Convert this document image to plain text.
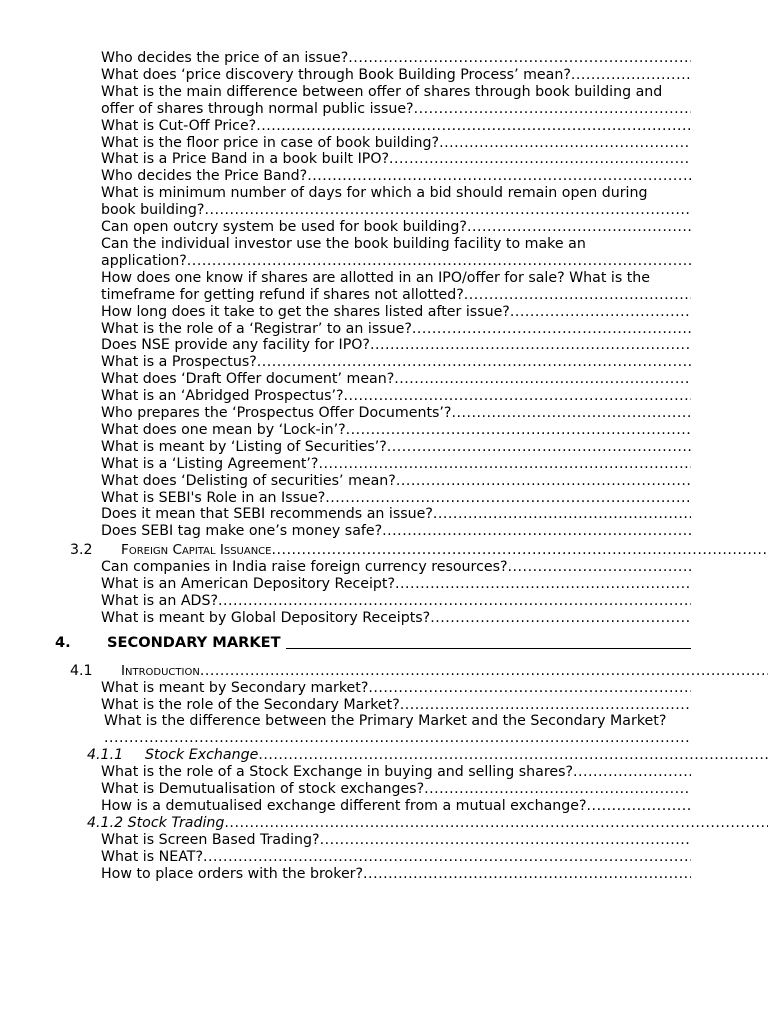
Who decides the price of an issue?
.....
What does ‘price discovery through Book Building Process’ mean?
.....
What is the main difference between offer of shares through book building and
offer of shares through normal public issue?
.....
What is Cut-Off Price?
.....
What is the floor price in case of book building?
.....
What is a Price Band in a book built IPO?
.....
Who decides the Price Band?
.....
What is minimum number of days for which a bid should remain open during
book building?
.....
Can open outcry system be used for book building?
.....
Can the individual investor use the book building facility to make an
application?
.....
How does one know if shares are allotted in an IPO/offer for sale? What is the
timeframe for getting refund if shares not allotted?
.....
How long does it take to get the shares listed after issue?
.....
What is the role of a ‘Registrar’ to an issue?
.....
Does NSE provide any facility for IPO?
.....
What is a Prospectus?
.....
What does ‘Draft Offer document’ mean?
.....
What is an ‘Abridged Prospectus’?
.....
Who prepares the ‘Prospectus Offer Documents’?
.....
What does one mean by ‘Lock-in’?
.....
What is meant by ‘Listing of Securities’?
.....
What is a ‘Listing Agreement’?
.....
What does ‘Delisting of securities’ mean?
.....
What is SEBI's Role in an Issue?
.....
Does it mean that SEBI recommends an issue?
.....
Does SEBI tag make one’s money safe?
.....
3.2	Foreign Capital Issuance
.....
Can companies in India raise foreign currency resources?
.....
What is an American Depository Receipt?
.....
What is an ADS?
.....
What is meant by Global Depository Receipts?
.....
4.	SECONDARY MARKET
4.1	Introduction
.....
What is meant by Secondary market?
.....
What is the role of the Secondary Market?
.....
What is the difference between the Primary Market and the Secondary Market?
.....
4.1.1	Stock Exchange
.....
What is the role of a Stock Exchange in buying and selling shares?
.....
What is Demutualisation of stock exchanges?
.....
How is a demutualised exchange different from a mutual exchange?
.....
4.1.2 Stock Trading
.....
What is Screen Based Trading?
.....
What is NEAT?
.....
How to place orders with the broker?
.....
